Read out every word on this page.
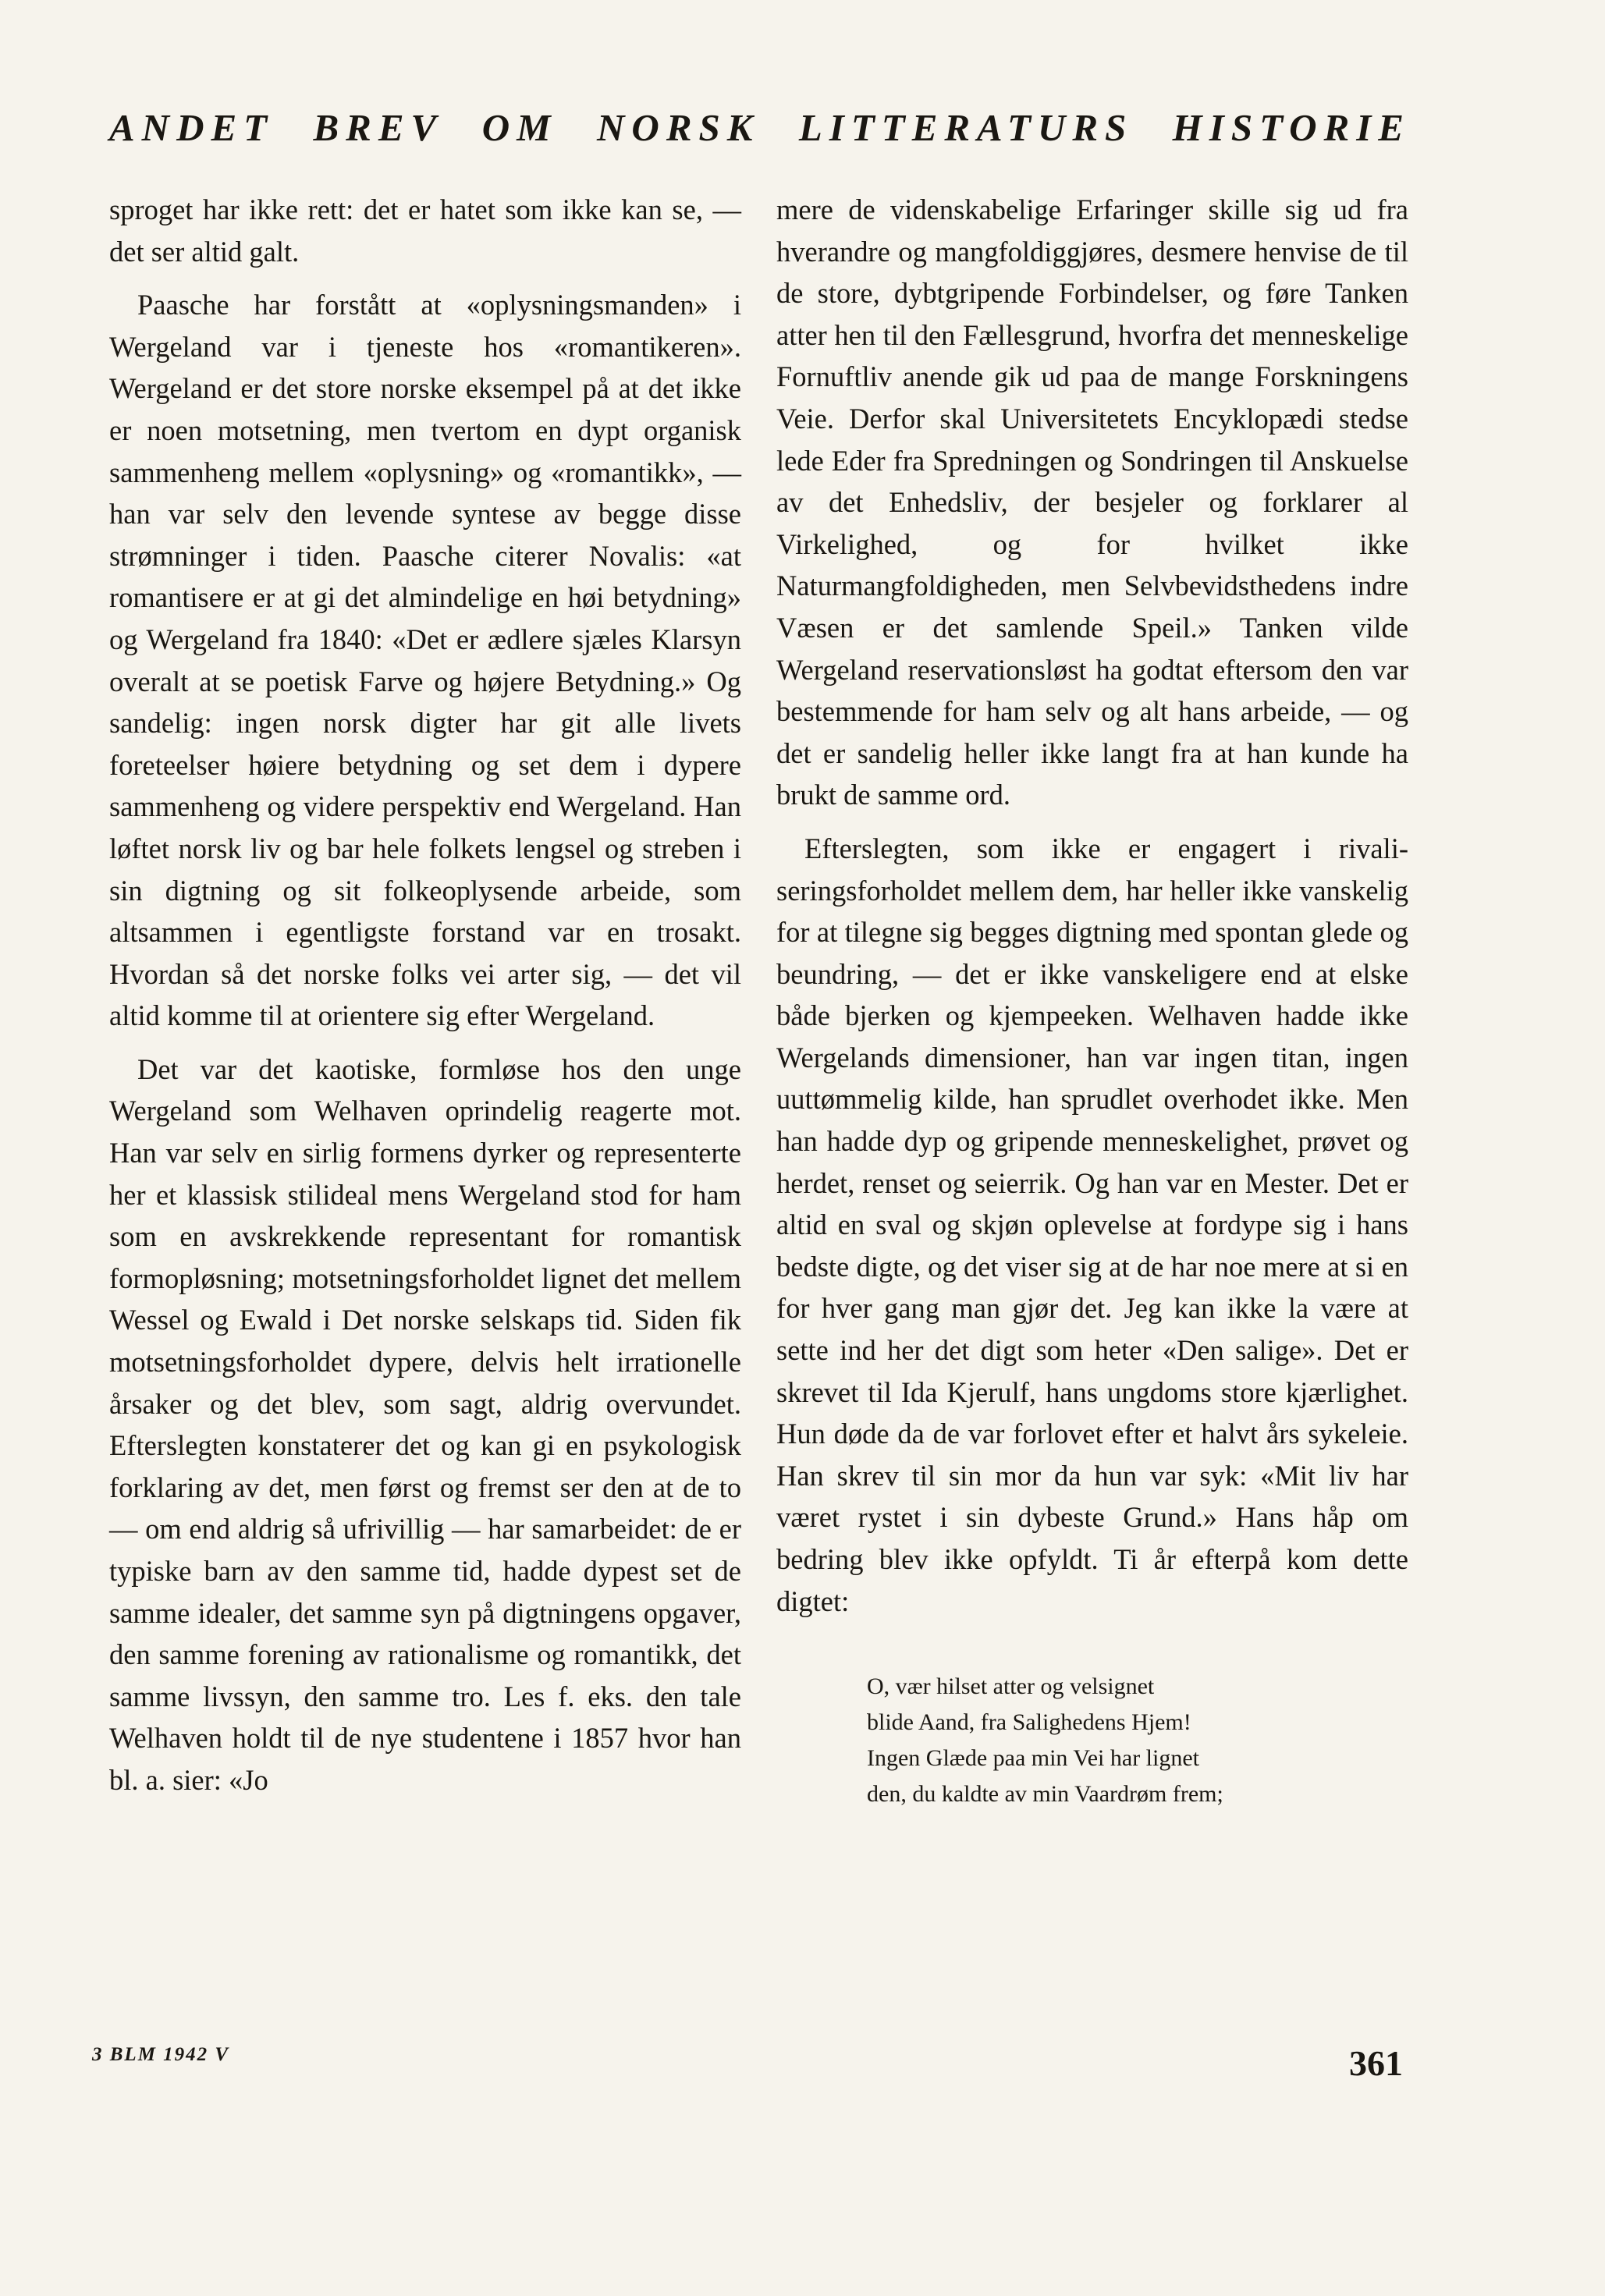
ANDET BREV OM NORSK LITTERATURS HISTORIE

sproget har ikke rett: det er hatet som ikke kan se, — det ser altid galt.

Paasche har forstått at «oplysningsmanden» i Wergeland var i tjeneste hos «romantikeren». Wergeland er det store norske eksempel på at det ikke er noen motsetning, men tvertom en dypt organisk sammenheng mellem «oplysning» og «romantikk», — han var selv den levende syntese av begge disse strømninger i tiden. Paasche citerer Novalis: «at romantisere er at gi det almindelige en høi betydning» og Wergeland fra 1840: «Det er ædlere sjæles Klarsyn overalt at se poetisk Farve og højere Betydning.» Og sandelig: ingen norsk digter har git alle livets foreteelser høiere betydning og set dem i dypere sammenheng og videre perspektiv end Wergeland. Han løftet norsk liv og bar hele folkets lengsel og streben i sin digtning og sit folkeoplysende arbeide, som altsammen i egentligste forstand var en trosakt. Hvordan så det norske folks vei arter sig, — det vil altid komme til at orientere sig efter Wergeland.

Det var det kaotiske, formløse hos den unge Wergeland som Welhaven oprindelig reagerte mot. Han var selv en sirlig formens dyrker og representerte her et klassisk stilideal mens Wergeland stod for ham som en avskrekkende representant for romantisk formopløsning; motsetningsforholdet lignet det mellem Wessel og Ewald i Det norske selskaps tid. Siden fik motsetningsforholdet dypere, delvis helt irrationelle årsaker og det blev, som sagt, aldrig overvundet. Efterslegten konstaterer det og kan gi en psykologisk forklaring av det, men først og fremst ser den at de to — om end aldrig så ufrivillig — har samarbeidet: de er typiske barn av den samme tid, hadde dypest set de samme idealer, det samme syn på digtningens opgaver, den samme forening av rationalisme og romantikk, det samme livssyn, den samme tro. Les f. eks. den tale Welhaven holdt til de nye studentene i 1857 hvor han bl. a. sier: «Jo

mere de videnskabelige Erfaringer skille sig ud fra hverandre og mangfoldiggjøres, desmere henvise de til de store, dybtgripende Forbindelser, og føre Tanken atter hen til den Fællesgrund, hvorfra det menneskelige Fornuftliv anende gik ud paa de mange Forskningens Veie. Derfor skal Universitetets Encyklopædi stedse lede Eder fra Spredningen og Sondringen til Anskuelse av det Enhedsliv, der besjeler og forklarer al Virkelighed, og for hvilket ikke Naturmangfoldigheden, men Selvbevidsthedens indre Væsen er det samlende Speil.» Tanken vilde Wergeland reservationsløst ha godtat eftersom den var bestemmende for ham selv og alt hans arbeide, — og det er sandelig heller ikke langt fra at han kunde ha brukt de samme ord.

Efterslegten, som ikke er engagert i rivaliseringsforholdet mellem dem, har heller ikke vanskelig for at tilegne sig begges digtning med spontan glede og beundring, — det er ikke vanskeligere end at elske både bjerken og kjempeeken. Welhaven hadde ikke Wergelands dimensioner, han var ingen titan, ingen uuttømmelig kilde, han sprudlet overhodet ikke. Men han hadde dyp og gripende menneskelighet, prøvet og herdet, renset og seierrik. Og han var en Mester. Det er altid en sval og skjøn oplevelse at fordype sig i hans bedste digte, og det viser sig at de har noe mere at si en for hver gang man gjør det. Jeg kan ikke la være at sette ind her det digt som heter «Den salige». Det er skrevet til Ida Kjerulf, hans ungdoms store kjærlighet. Hun døde da de var forlovet efter et halvt års sykeleie. Han skrev til sin mor da hun var syk: «Mit liv har været rystet i sin dybeste Grund.» Hans håp om bedring blev ikke opfyldt. Ti år efterpå kom dette digtet:

O, vær hilset atter og velsignet
blide Aand, fra Salighedens Hjem!
Ingen Glæde paa min Vei har lignet
den, du kaldte av min Vaardrøm frem;
3 BLM 1942 V	361
